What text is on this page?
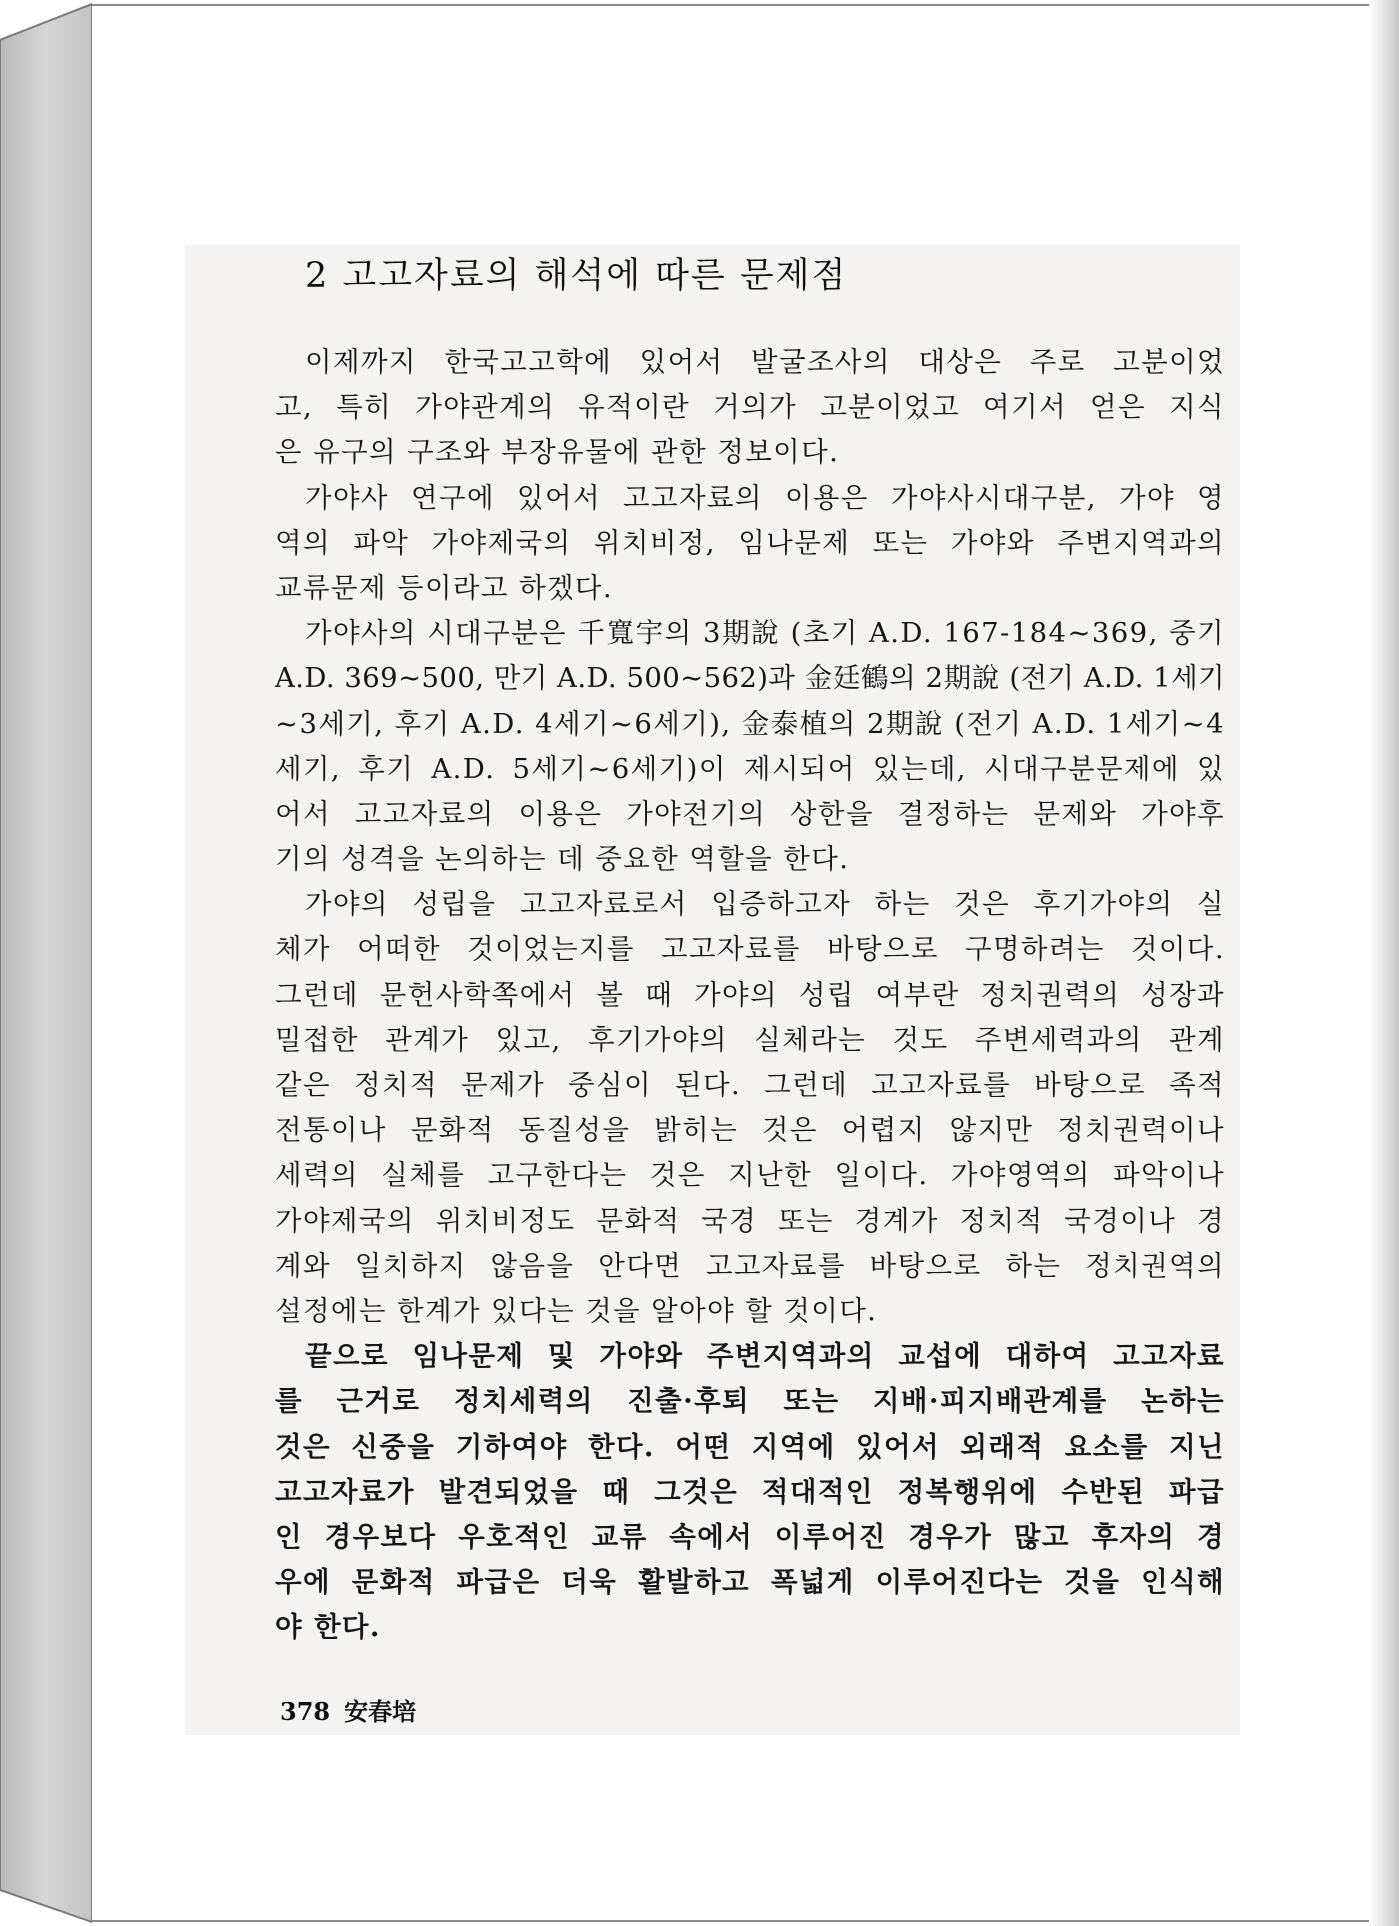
2 고고자료의 해석에 따른 문제점
이제까지 한국고고학에 있어서 발굴조사의 대상은 주로 고분이었
고, 특히 가야관계의 유적이란 거의가 고분이었고 여기서 얻은 지식
은 유구의 구조와 부장유물에 관한 정보이다.
가야사 연구에 있어서 고고자료의 이용은 가야사시대구분, 가야 영
역의 파악 가야제국의 위치비정, 임나문제 또는 가야와 주변지역과의
교류문제 등이라고 하겠다.
가야사의 시대구분은 千寬宇의 3期說 (초기 A.D. 167-184~369, 중기
A.D. 369~500, 만기 A.D. 500~562)과 金廷鶴의 2期說 (전기 A.D. 1세기
~3세기, 후기 A.D. 4세기~6세기), 金泰植의 2期說 (전기 A.D. 1세기~4
세기, 후기 A.D. 5세기~6세기)이 제시되어 있는데, 시대구분문제에 있
어서 고고자료의 이용은 가야전기의 상한을 결정하는 문제와 가야후
기의 성격을 논의하는 데 중요한 역할을 한다.
가야의 성립을 고고자료로서 입증하고자 하는 것은 후기가야의 실
체가 어떠한 것이었는지를 고고자료를 바탕으로 구명하려는 것이다.
그런데 문헌사학쪽에서 볼 때 가야의 성립 여부란 정치권력의 성장과
밀접한 관계가 있고, 후기가야의 실체라는 것도 주변세력과의 관계
같은 정치적 문제가 중심이 된다. 그런데 고고자료를 바탕으로 족적
전통이나 문화적 동질성을 밝히는 것은 어렵지 않지만 정치권력이나
세력의 실체를 고구한다는 것은 지난한 일이다. 가야영역의 파악이나
가야제국의 위치비정도 문화적 국경 또는 경계가 정치적 국경이나 경
계와 일치하지 않음을 안다면 고고자료를 바탕으로 하는 정치권역의
설정에는 한계가 있다는 것을 알아야 할 것이다.
끝으로 임나문제 및 가야와 주변지역과의 교섭에 대하여 고고자료
를 근거로 정치세력의 진출·후퇴 또는 지배·피지배관계를 논하는
것은 신중을 기하여야 한다. 어떤 지역에 있어서 외래적 요소를 지닌
고고자료가 발견되었을 때 그것은 적대적인 정복행위에 수반된 파급
인 경우보다 우호적인 교류 속에서 이루어진 경우가 많고 후자의 경
우에 문화적 파급은 더욱 활발하고 폭넓게 이루어진다는 것을 인식해
야 한다.
378 安春培
